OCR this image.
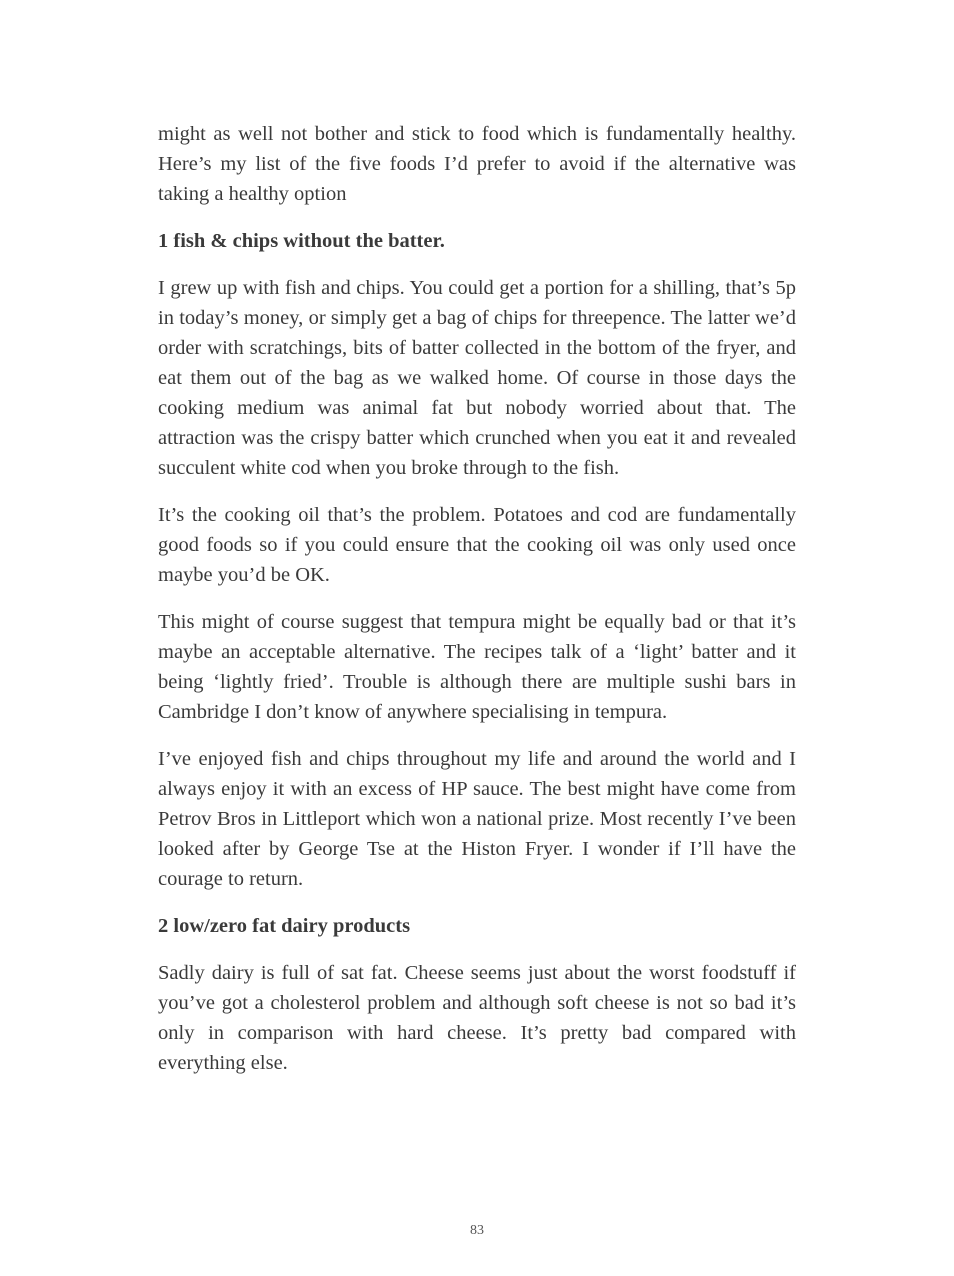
might as well not bother and stick to food which is fundamentally healthy. Here’s my list of the five foods I’d prefer to avoid if the alternative was taking a healthy option

1 fish & chips without the batter.

I grew up with fish and chips. You could get a portion for a shilling, that’s 5p in today’s money, or simply get a bag of chips for threepence. The latter we’d order with scratchings, bits of batter collected in the bottom of the fryer, and eat them out of the bag as we walked home. Of course in those days the cooking medium was animal fat but nobody worried about that. The attraction was the crispy batter which crunched when you eat it and revealed succulent white cod when you broke through to the fish.

It’s the cooking oil that’s the problem. Potatoes and cod are fundamentally good foods so if you could ensure that the cooking oil was only used once maybe you’d be OK.

This might of course suggest that tempura might be equally bad or that it’s maybe an acceptable alternative. The recipes talk of a ‘light’ batter and it being ‘lightly fried’. Trouble is although there are multiple sushi bars in Cambridge I don’t know of anywhere specialising in tempura.

I’ve enjoyed fish and chips throughout my life and around the world and I always enjoy it with an excess of HP sauce. The best might have come from Petrov Bros in Littleport which won a national prize. Most recently I’ve been looked after by George Tse at the Histon Fryer. I wonder if I’ll have the courage to return.

2 low/zero fat dairy products

Sadly dairy is full of sat fat. Cheese seems just about the worst foodstuff if you’ve got a cholesterol problem and although soft cheese is not so bad it’s only in comparison with hard cheese. It’s pretty bad compared with everything else.

83
